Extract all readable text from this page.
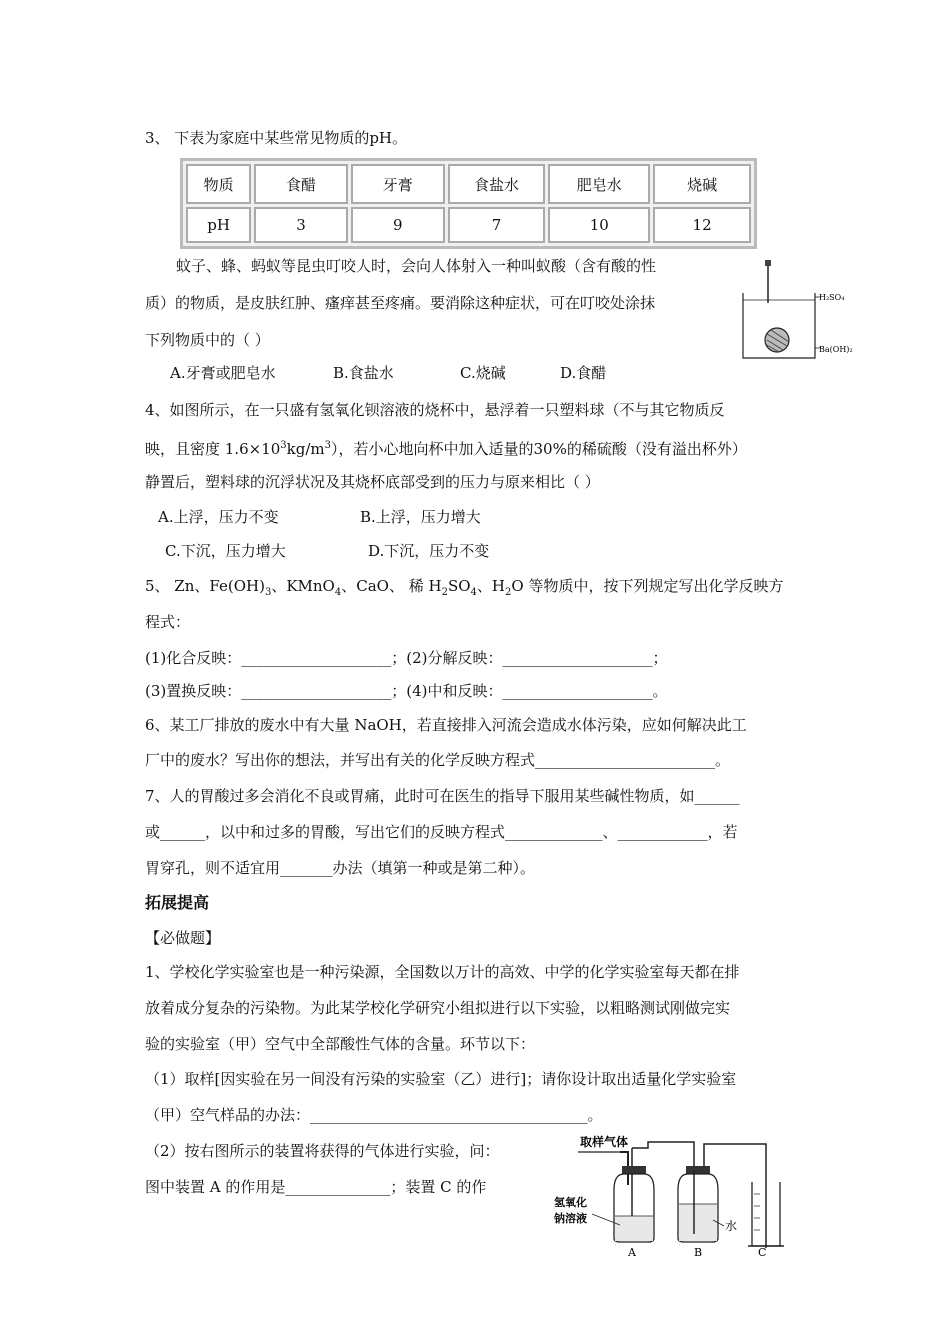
3、 下表为家庭中某些常见物质的pH。
物质	食醋	牙膏	食盐水	肥皂水	烧碱
pH	3	9	7	10	12
蚊子、蜂、蚂蚁等昆虫叮咬人时，会向人体射入一种叫蚁酸（含有酸的性
质）的物质，是皮肤红肿、瘙痒甚至疼痛。要消除这种症状，可在叮咬处涂抹
下列物质中的（ ）
A.牙膏或肥皂水	B.食盐水	C.烧碱	D.食醋
H₂SO₄
Ba(OH)₂
4、如图所示，在一只盛有氢氧化钡溶液的烧杯中，悬浮着一只塑料球（不与其它物质反
映，且密度 $1.6\times 10^3kg/m^3$），若小心地向杯中加入适量的30%的稀硫酸（没有溢出杯外）
静置后，塑料球的沉浮状况及其烧杯底部受到的压力与原来相比（ ）
A.上浮，压力不变	B.上浮，压力增大
C.下沉，压力增大	D.下沉，压力不变
5、 Zn、$Fe(OH)_3$、KMnO$_4$、CaO、 稀 $H_2SO_4$、$H_2O$ 等物质中，按下列规定写出化学反映方
程式：
(1)化合反映：____________________；(2)分解反映：____________________；
(3)置换反映：____________________；(4)中和反映：____________________。
6、某工厂排放的废水中有大量 NaOH，若直接排入河流会造成水体污染，应如何解决此工
厂中的废水？写出你的想法，并写出有关的化学反映方程式________________________。
7、人的胃酸过多会消化不良或胃痛，此时可在医生的指导下服用某些碱性物质，如______
或______，以中和过多的胃酸，写出它们的反映方程式_____________、____________，若
胃穿孔，则不适宜用_______办法（填第一种或是第二种）。
拓展提高
【必做题】
1、学校化学实验室也是一种污染源，全国数以万计的高效、中学的化学实验室每天都在排
放着成分复杂的污染物。为此某学校化学研究小组拟进行以下实验，以粗略测试刚做完实
验的实验室（甲）空气中全部酸性气体的含量。环节以下：
（1）取样[因实验在另一间没有污染的实验室（乙）进行]；请你设计取出适量化学实验室
（甲）空气样品的办法：_____________________________________。
（2）按右图所示的装置将获得的气体进行实验，问：
图中装置 A 的作用是______________；装置 C 的作
取样气体
氢氧化
钠溶液
水
A	B	C
